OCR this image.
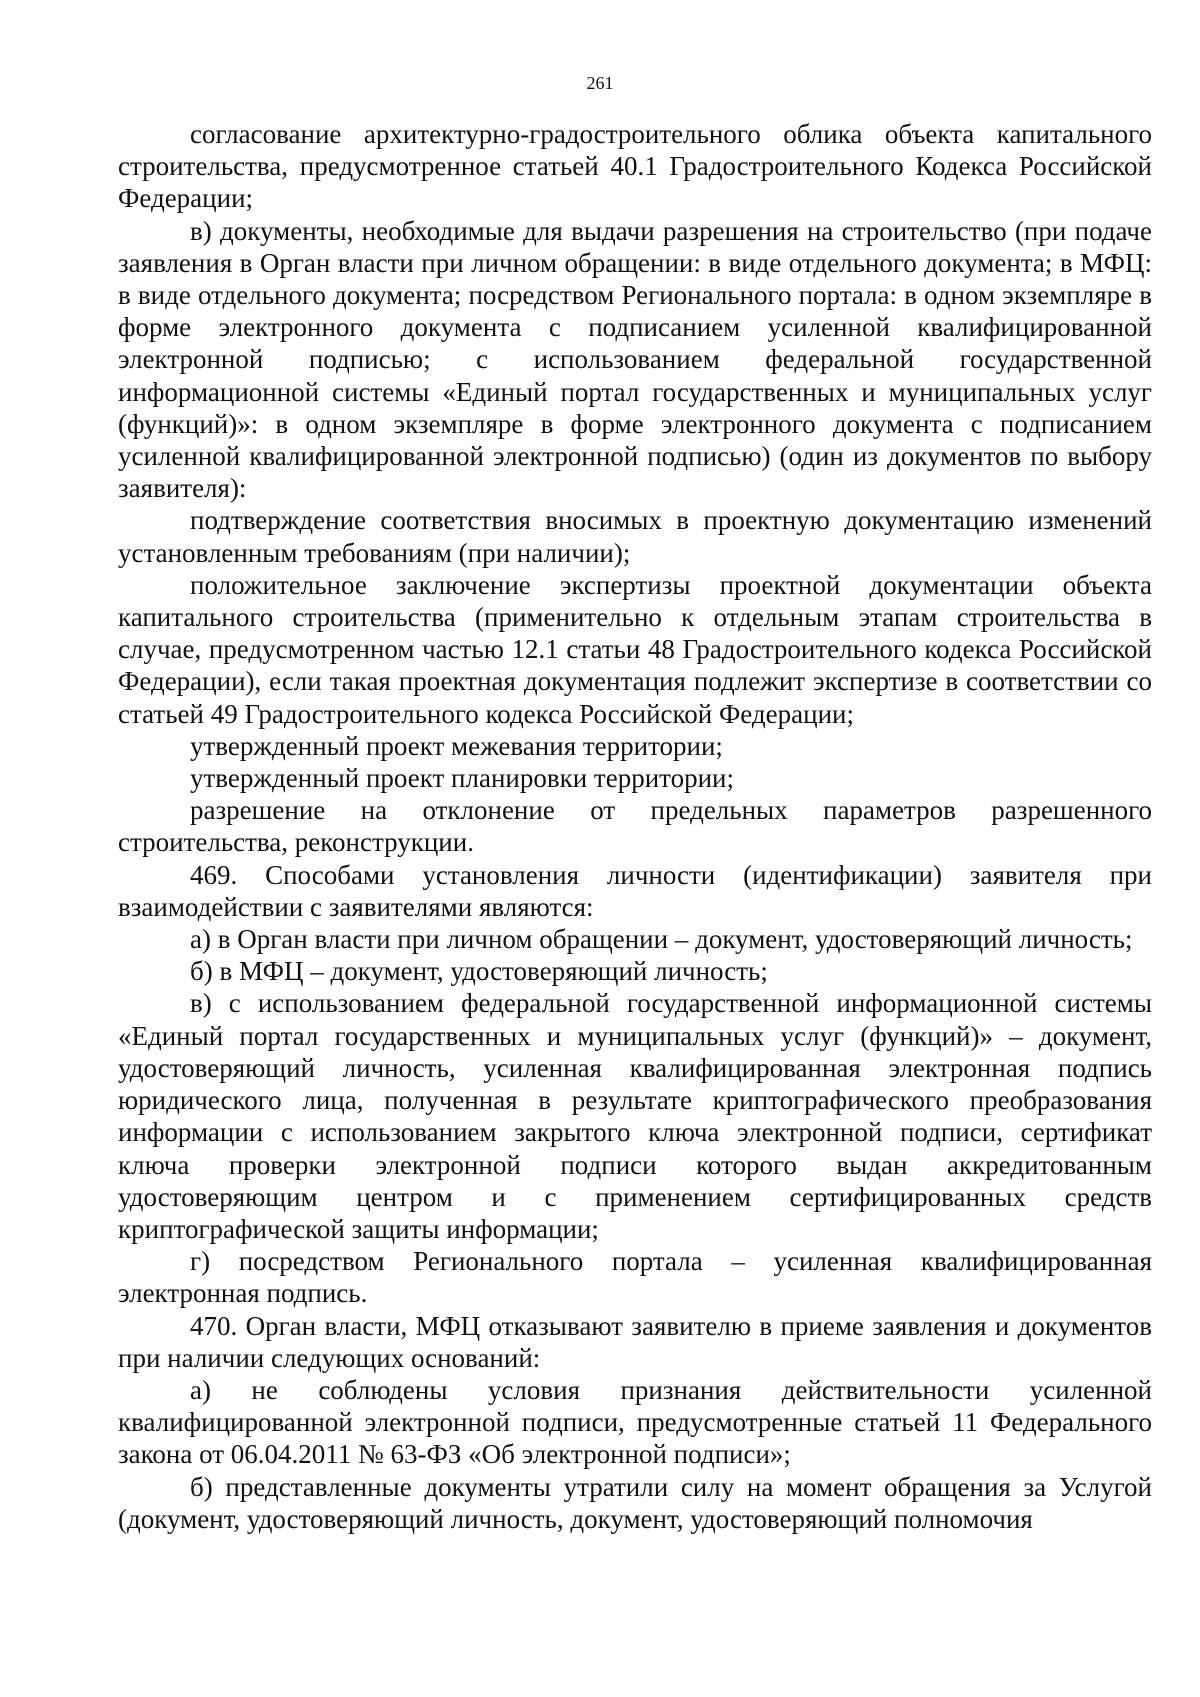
261

согласование архитектурно-градостроительного облика объекта капитального строительства, предусмотренное статьей 40.1 Градостроительного Кодекса Российской Федерации;

в) документы, необходимые для выдачи разрешения на строительство (при подаче заявления в Орган власти при личном обращении: в виде отдельного документа; в МФЦ: в виде отдельного документа; посредством Регионального портала: в одном экземпляре в форме электронного документа с подписанием усиленной квалифицированной электронной подписью; с использованием федеральной государственной информационной системы «Единый портал государственных и муниципальных услуг (функций)»: в одном экземпляре в форме электронного документа с подписанием усиленной квалифицированной электронной подписью) (один из документов по выбору заявителя):

подтверждение соответствия вносимых в проектную документацию изменений установленным требованиям (при наличии);

положительное заключение экспертизы проектной документации объекта капитального строительства (применительно к отдельным этапам строительства в случае, предусмотренном частью 12.1 статьи 48 Градостроительного кодекса Российской Федерации), если такая проектная документация подлежит экспертизе в соответствии со статьей 49 Градостроительного кодекса Российской Федерации;

утвержденный проект межевания территории;

утвержденный проект планировки территории;

разрешение на отклонение от предельных параметров разрешенного строительства, реконструкции.

469. Способами установления личности (идентификации) заявителя при взаимодействии с заявителями являются:

а) в Орган власти при личном обращении – документ, удостоверяющий личность;

б) в МФЦ – документ, удостоверяющий личность;

в) с использованием федеральной государственной информационной системы «Единый портал государственных и муниципальных услуг (функций)» – документ, удостоверяющий личность, усиленная квалифицированная электронная подпись юридического лица, полученная в результате криптографического преобразования информации с использованием закрытого ключа электронной подписи, сертификат ключа проверки электронной подписи которого выдан аккредитованным удостоверяющим центром и с применением сертифицированных средств криптографической защиты информации;

г) посредством Регионального портала – усиленная квалифицированная электронная подпись.

470. Орган власти, МФЦ отказывают заявителю в приеме заявления и документов при наличии следующих оснований:

а) не соблюдены условия признания действительности усиленной квалифицированной электронной подписи, предусмотренные статьей 11 Федерального закона от 06.04.2011 № 63-ФЗ «Об электронной подписи»;

б) представленные документы утратили силу на момент обращения за Услугой (документ, удостоверяющий личность, документ, удостоверяющий полномочия
